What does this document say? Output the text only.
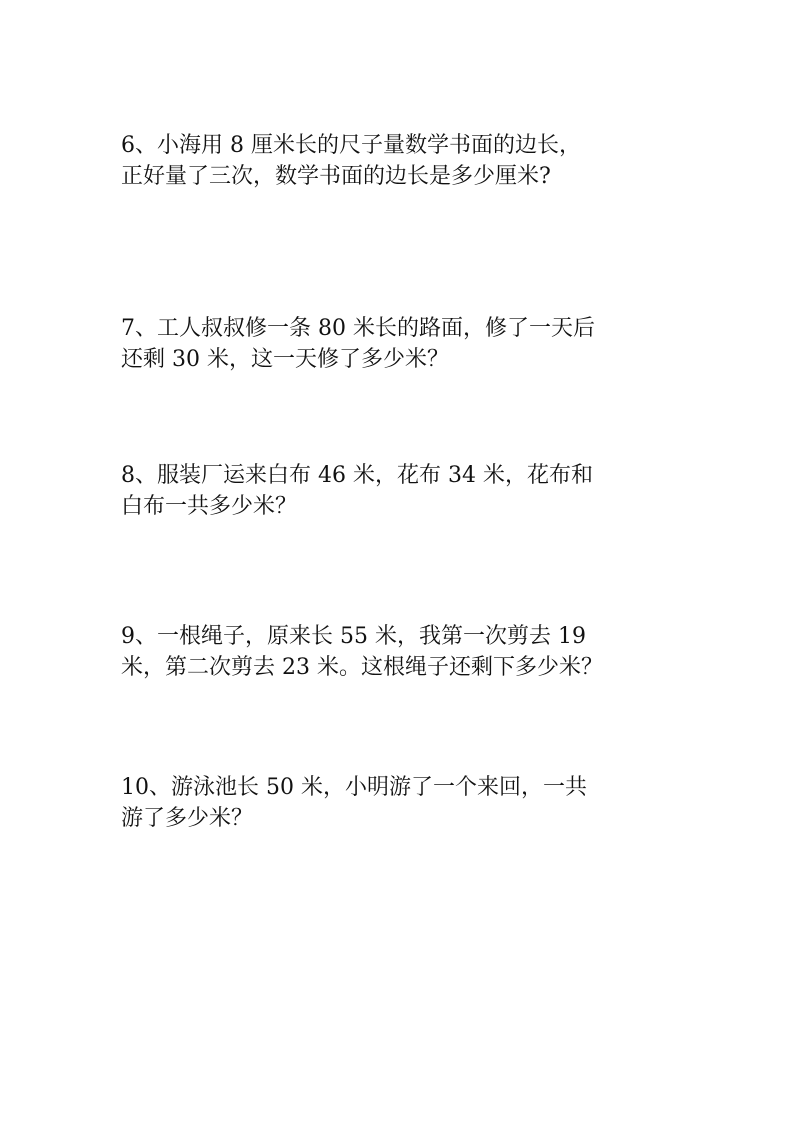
6、小海用 8 厘米长的尺子量数学书面的边长，
正好量了三次，数学书面的边长是多少厘米?
7、工人叔叔修一条 80 米长的路面，修了一天后
还剩 30 米，这一天修了多少米？
8、服装厂运来白布 46 米，花布 34 米，花布和
白布一共多少米？
9、一根绳子，原来长 55 米，我第一次剪去 19
米，第二次剪去 23 米。这根绳子还剩下多少米？
10、游泳池长 50 米，小明游了一个来回，一共
游了多少米？
